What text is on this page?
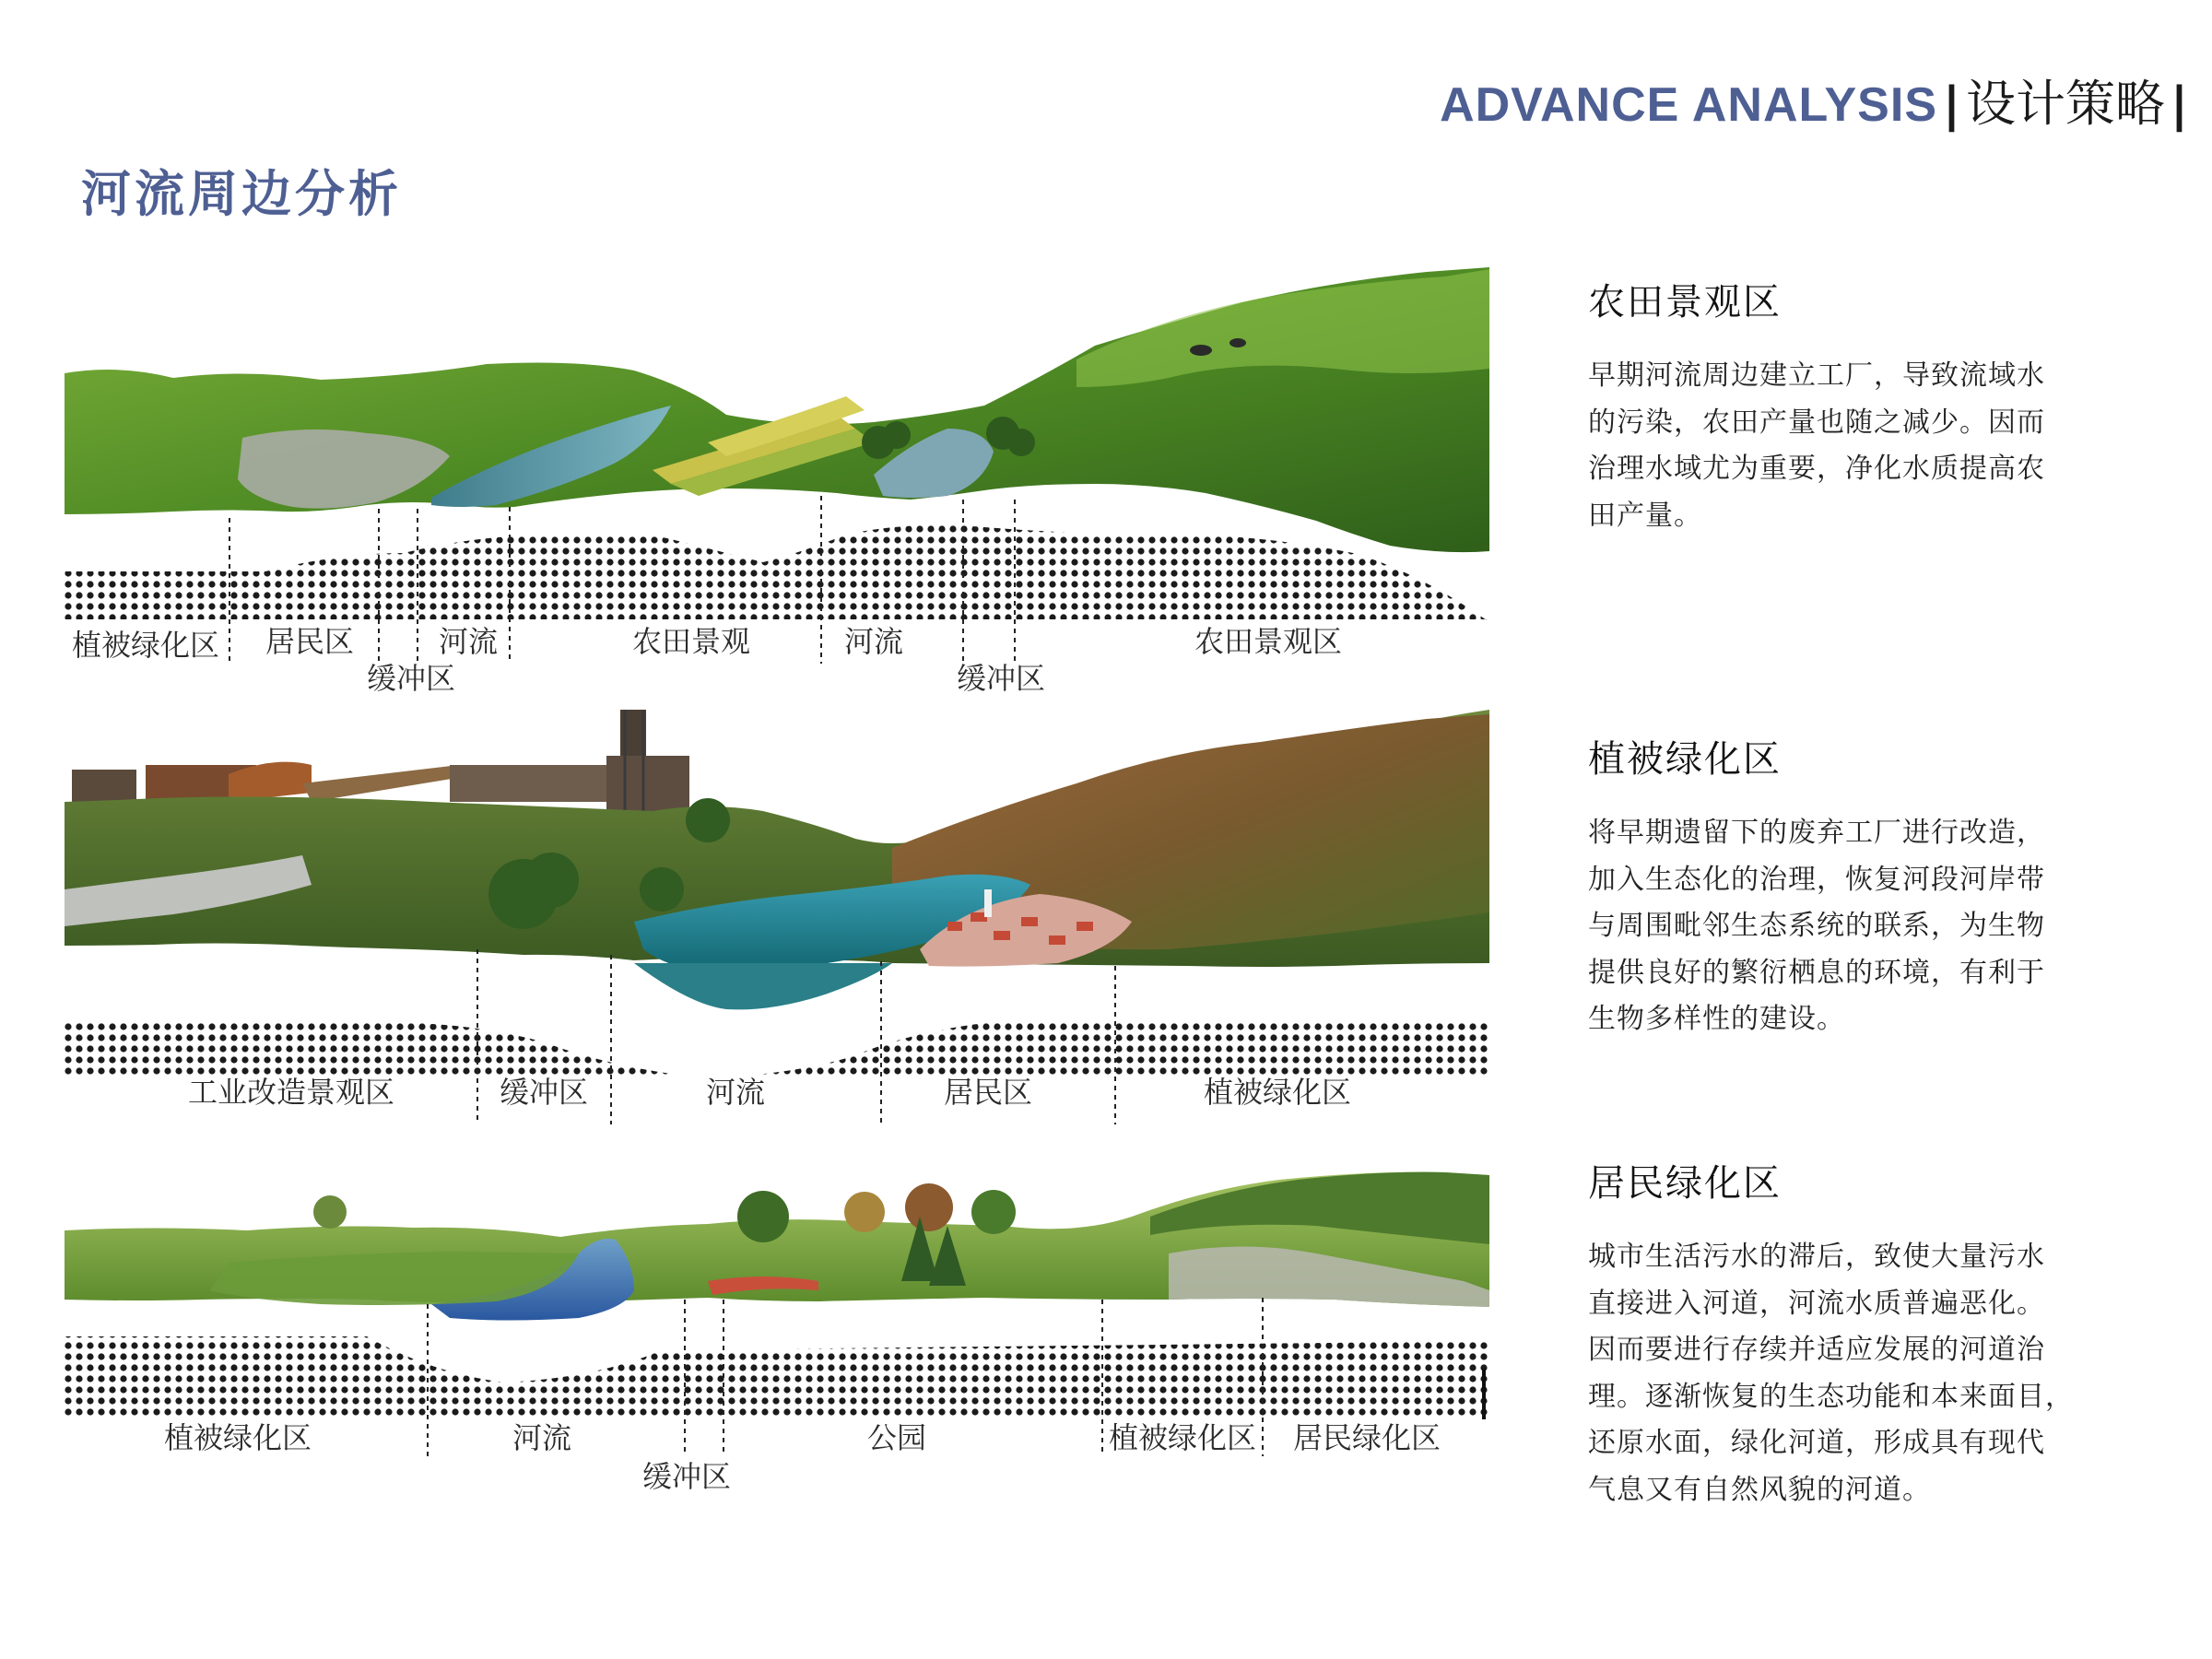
ADVANCE ANALYSIS | 设计策略 |
河流周边分析
植被绿化区 居民区	河流	农田景观	河流	农田景观区
缓冲区	缓冲区
工业改造景观区	缓冲区	河流	居民区	植被绿化区
植被绿化区	河流	公园	植被绿化区 居民绿化区
缓冲区
农田景观区

早期河流周边建立工厂，导致流域水
的污染，农田产量也随之减少。因而
治理水域尤为重要，净化水质提高农
田产量。

植被绿化区

将早期遗留下的废弃工厂进行改造，
加入生态化的治理，恢复河段河岸带
与周围毗邻生态系统的联系，为生物
提供良好的繁衍栖息的环境，有利于
生物多样性的建设。

居民绿化区

城市生活污水的滞后，致使大量污水
直接进入河道，河流水质普遍恶化。
因而要进行存续并适应发展的河道治
理。逐渐恢复的生态功能和本来面目，
还原水面，绿化河道，形成具有现代
气息又有自然风貌的河道。
